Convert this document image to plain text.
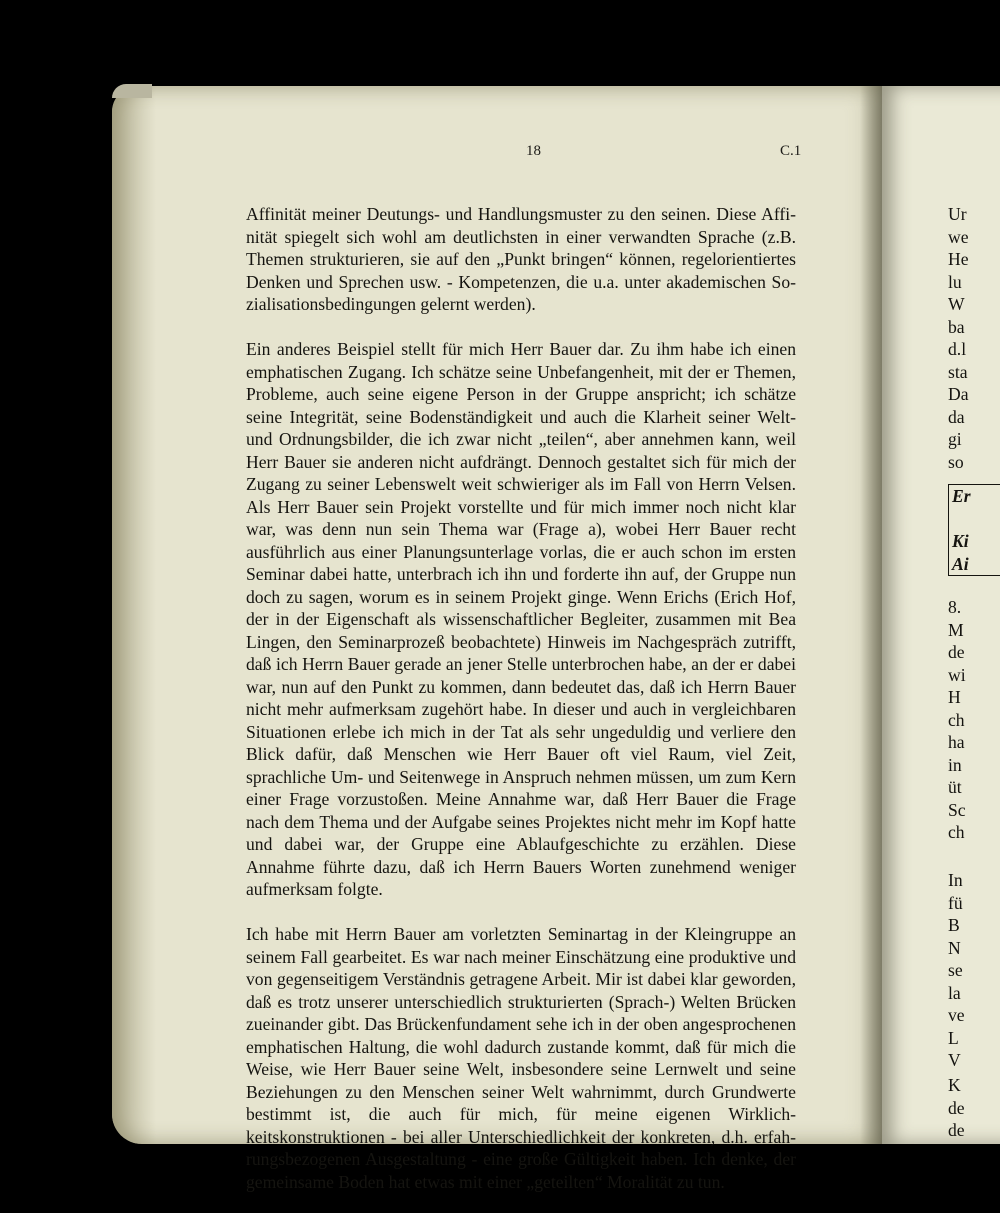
18	C.1

Affinität meiner Deutungs- und Handlungsmuster zu den seinen. Diese Affinität spiegelt sich wohl am deutlichsten in einer verwandten Sprache (z.B. Themen strukturieren, sie auf den „Punkt bringen“ können, regelorientiertes Denken und Sprechen usw. - Kompetenzen, die u.a. unter akademischen Sozialisationsbedingungen gelernt werden).

Ein anderes Beispiel stellt für mich Herr Bauer dar. Zu ihm habe ich einen emphatischen Zugang. Ich schätze seine Unbefangenheit, mit der er Themen, Probleme, auch seine eigene Person in der Gruppe anspricht; ich schätze seine Integrität, seine Bodenständigkeit und auch die Klarheit seiner Welt- und Ordnungsbilder, die ich zwar nicht „teilen“, aber annehmen kann, weil Herr Bauer sie anderen nicht aufdrängt. Dennoch gestaltet sich für mich der Zugang zu seiner Lebenswelt weit schwieriger als im Fall von Herrn Velsen. Als Herr Bauer sein Projekt vorstellte und für mich immer noch nicht klar war, was denn nun sein Thema war (Frage a), wobei Herr Bauer recht ausführlich aus einer Planungsunterlage vorlas, die er auch schon im ersten Seminar dabei hatte, unterbrach ich ihn und forderte ihn auf, der Gruppe nun doch zu sagen, worum es in seinem Projekt ginge. Wenn Erichs (Erich Hof, der in der Eigenschaft als wissenschaftlicher Begleiter, zusammen mit Bea Lingen, den Seminarprozeß beobachtete) Hinweis im Nachgespräch zutrifft, daß ich Herrn Bauer gerade an jener Stelle unterbrochen habe, an der er dabei war, nun auf den Punkt zu kommen, dann bedeutet das, daß ich Herrn Bauer nicht mehr aufmerksam zugehört habe. In dieser und auch in vergleichbaren Situationen erlebe ich mich in der Tat als sehr ungeduldig und verliere den Blick dafür, daß Menschen wie Herr Bauer oft viel Raum, viel Zeit, sprachliche Um- und Seitenwege in Anspruch nehmen müssen, um zum Kern einer Frage vorzustoßen. Meine Annahme war, daß Herr Bauer die Frage nach dem Thema und der Aufgabe seines Projektes nicht mehr im Kopf hatte und dabei war, der Gruppe eine Ablaufgeschichte zu erzählen. Diese Annahme führte dazu, daß ich Herrn Bauers Worten zunehmend weniger aufmerksam folgte.

Ich habe mit Herrn Bauer am vorletzten Seminartag in der Kleingruppe an seinem Fall gearbeitet. Es war nach meiner Einschätzung eine produktive und von gegenseitigem Verständnis getragene Arbeit. Mir ist dabei klar geworden, daß es trotz unserer unterschiedlich strukturierten (Sprach-) Welten Brücken zueinander gibt. Das Brückenfundament sehe ich in der oben angesprochenen emphatischen Haltung, die wohl dadurch zustande kommt, daß für mich die Weise, wie Herr Bauer seine Welt, insbesondere seine Lernwelt und seine Beziehungen zu den Menschen seiner Welt wahrnimmt, durch Grundwerte bestimmt ist, die auch für mich, für meine eigenen Wirklichkeitskonstruktionen - bei aller Unterschiedlichkeit der konkreten, d.h. erfahrungsbezogenen Ausgestaltung - eine große Gültigkeit haben. Ich denke, der gemeinsame Boden hat etwas mit einer „geteilten“ Moralität zu tun.

Ur
we
He
lu
W
ba
d.l
sta
Da
da
gi
so
Er
Ki
Ai
8.
M
de
wi
H
ch
ha
in
üt
Sc
ch
In
fü
B
N
se
la
ve
L
V
K
de
de
